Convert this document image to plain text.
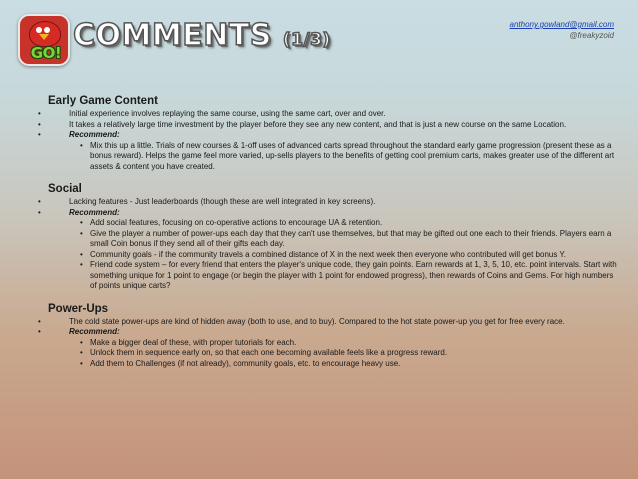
GO! COMMENTS (1/3)
anthony.gowland@gmail.com
@freakyzoid
Early Game Content
•	Initial experience involves replaying the same course, using the same cart, over and over.
•	It takes a relatively large time investment by the player before they see any new content, and that is just a new course on the same Location.
•	Recommend:
• Mix this up a little. Trials of new courses & 1-off uses of advanced carts spread throughout the standard early game progression (present these as a bonus reward). Helps the game feel more varied, up-sells players to the benefits of getting cool premium carts, makes greater use of the different art assets & content you have created.
Social
•	Lacking features - Just leaderboards (though these are well integrated in key screens).
•	Recommend:
• Add social features, focusing on co-operative actions to encourage UA & retention.
• Give the player a number of power-ups each day that they can't use themselves, but that may be gifted out one each to their friends. Players earn a small Coin bonus if they send all of their gifts each day.
• Community goals - if the community travels a combined distance of X in the next week then everyone who contributed will get bonus Y.
• Friend code system – for every friend that enters the player's unique code, they gain points. Earn rewards at 1, 3, 5, 10, etc. point intervals. Start with something unique for 1 point to engage (or begin the player with 1 point for endowed progress), then rewards of Coins and Gems. For high numbers of points unique carts?
Power-Ups
•	The cold state power-ups are kind of hidden away (both to use, and to buy). Compared to the hot state power-up you get for free every race.
•	Recommend:
• Make a bigger deal of these, with proper tutorials for each.
• Unlock them in sequence early on, so that each one becoming available feels like a progress reward.
• Add them to Challenges (if not already), community goals, etc. to encourage heavy use.
